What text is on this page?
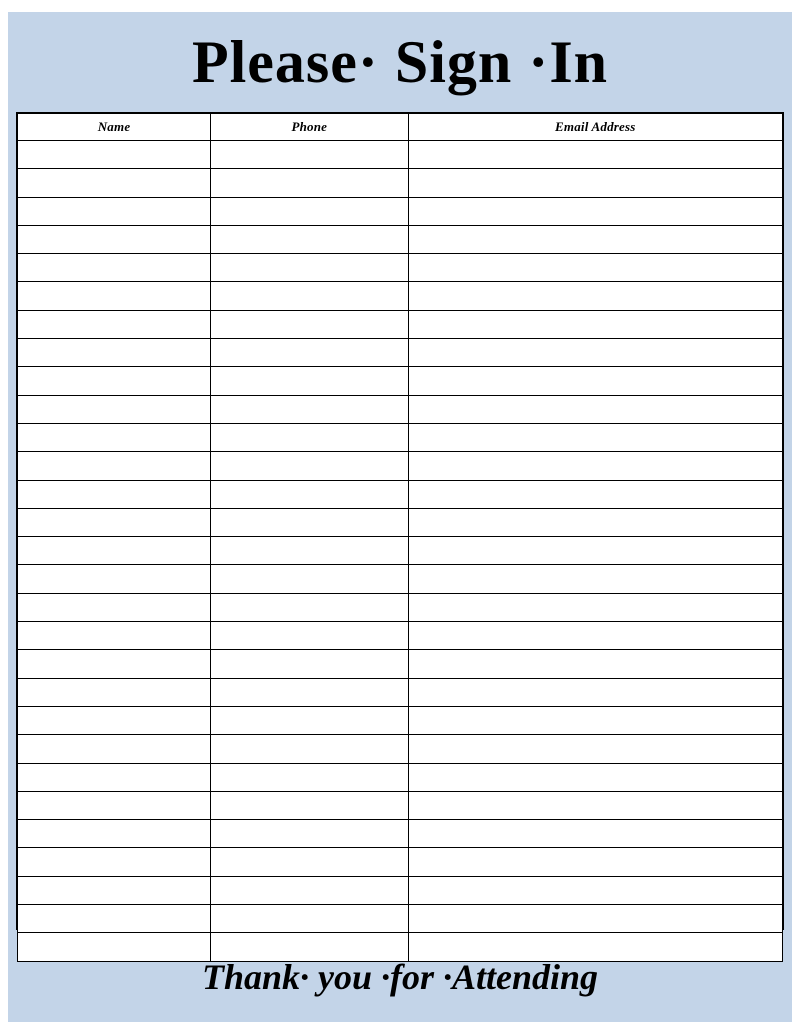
Please· Sign ·In
Name	Phone	Email Address

Thank· you ·for ·Attending
